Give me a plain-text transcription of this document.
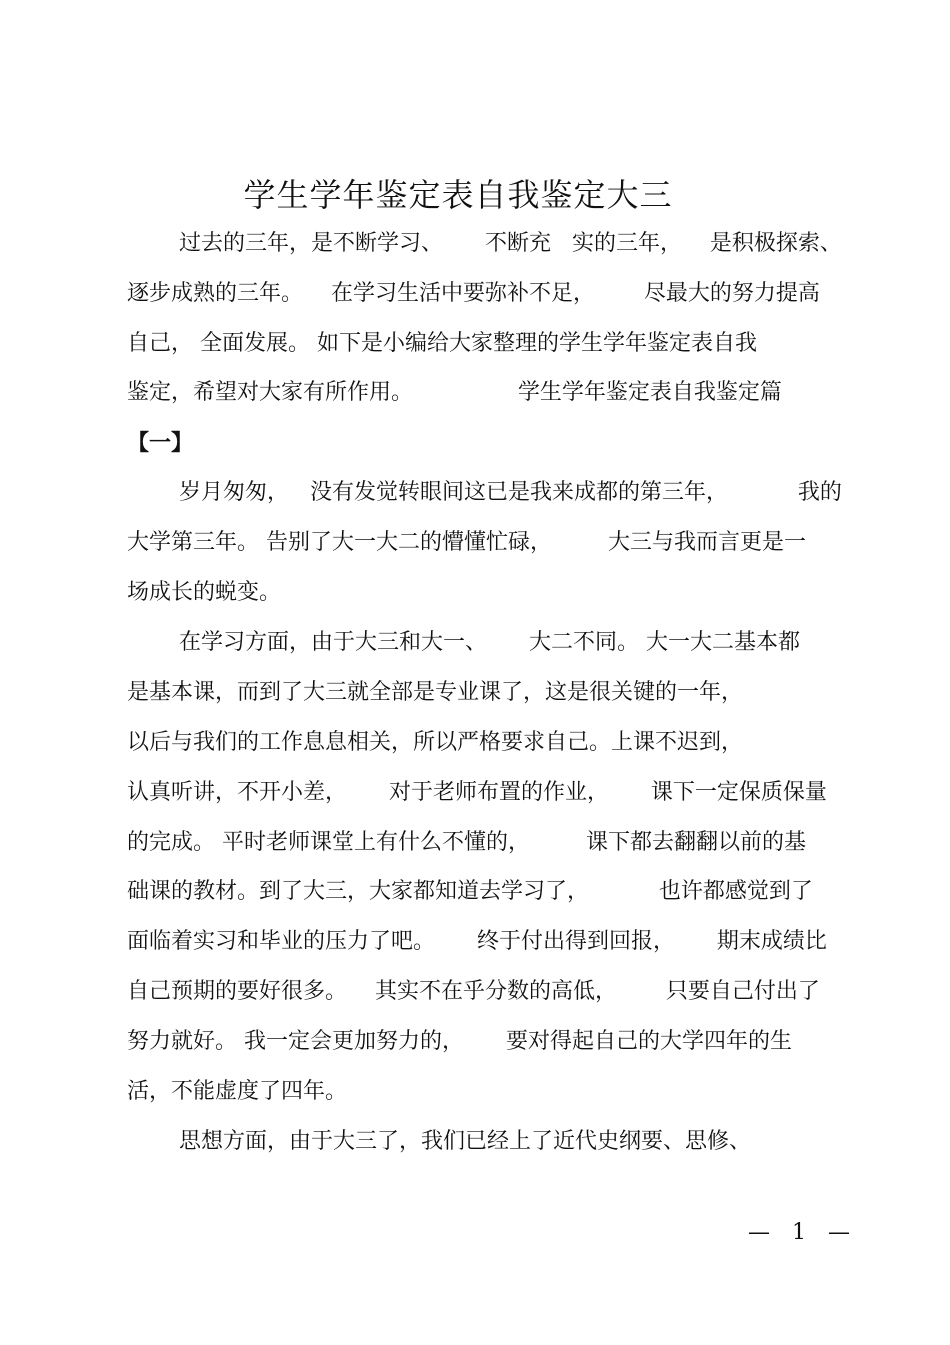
学生学年鉴定表自我鉴定大三
过去的三年，是不断学习、      不断充   实的三年，    是积极探索、
逐步成熟的三年。    在学习生活中要弥补不足，       尽最大的努力提高
自己， 全面发展。 如下是小编给大家整理的学生学年鉴定表自我
鉴定，希望对大家有所作用。               学生学年鉴定表自我鉴定篇
【一】
岁月匆匆，   没有发觉转眼间这已是我来成都的第三年，          我的
大学第三年。 告别了大一大二的懵懂忙碌，        大三与我而言更是一
场成长的蜕变。
在学习方面，由于大三和大一、      大二不同。 大一大二基本都
是基本课，而到了大三就全部是专业课了，这是很关键的一年，
以后与我们的工作息息相关，所以严格要求自己。上课不迟到，
认真听讲，不开小差，      对于老师布置的作业，      课下一定保质保量
的完成。 平时老师课堂上有什么不懂的，        课下都去翻翻以前的基
础课的教材。到了大三，大家都知道去学习了，          也许都感觉到了
面临着实习和毕业的压力了吧。      终于付出得到回报，      期末成绩比
自己预期的要好很多。    其实不在乎分数的高低，       只要自己付出了
努力就好。 我一定会更加努力的，      要对得起自己的大学四年的生
活，不能虚度了四年。
思想方面，由于大三了，我们已经上了近代史纲要、思修、
—　1　—
